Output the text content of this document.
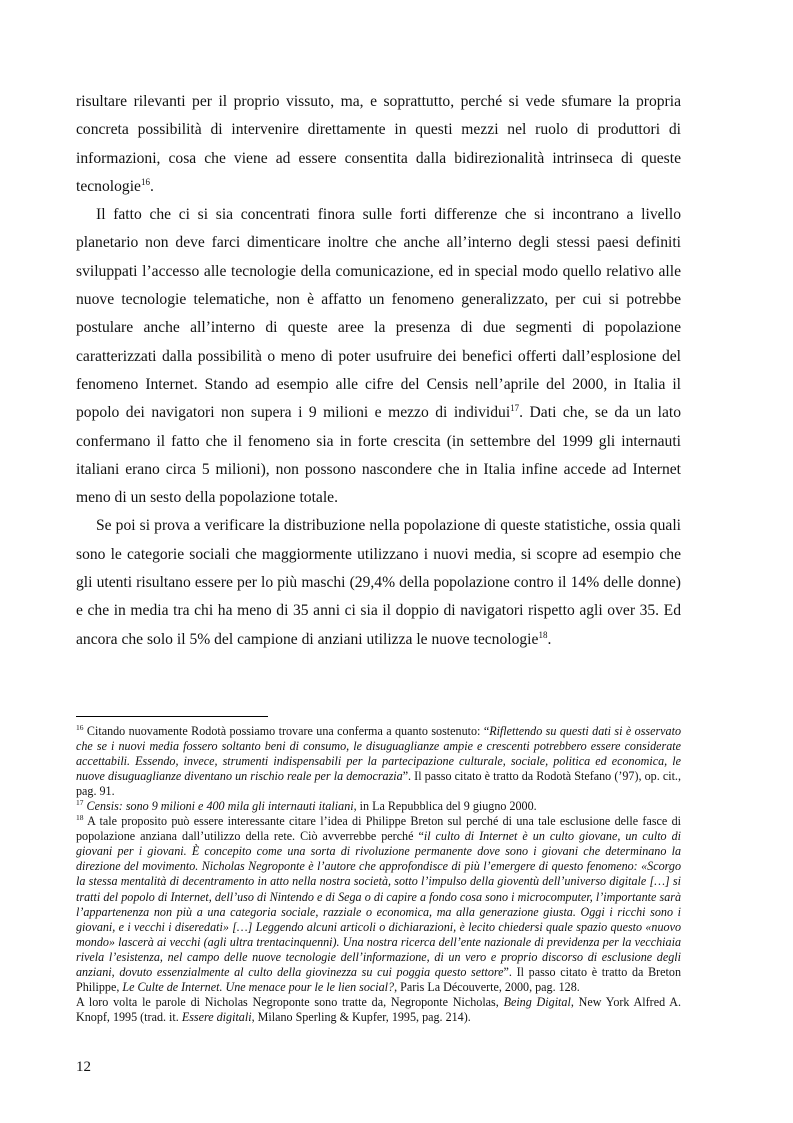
risultare rilevanti per il proprio vissuto, ma, e soprattutto, perché si vede sfumare la propria concreta possibilità di intervenire direttamente in questi mezzi nel ruolo di produttori di informazioni, cosa che viene ad essere consentita dalla bidirezionalità intrinseca di queste tecnologie$^{16}$.

Il fatto che ci si sia concentrati finora sulle forti differenze che si incontrano a livello planetario non deve farci dimenticare inoltre che anche all’interno degli stessi paesi definiti sviluppati l’accesso alle tecnologie della comunicazione, ed in special modo quello relativo alle nuove tecnologie telematiche, non è affatto un fenomeno generalizzato, per cui si potrebbe postulare anche all’interno di queste aree la presenza di due segmenti di popolazione caratterizzati dalla possibilità o meno di poter usufruire dei benefici offerti dall’esplosione del fenomeno Internet. Stando ad esempio alle cifre del Censis nell’aprile del 2000, in Italia il popolo dei navigatori non supera i 9 milioni e mezzo di individui$^{17}$. Dati che, se da un lato confermano il fatto che il fenomeno sia in forte crescita (in settembre del 1999 gli internauti italiani erano circa 5 milioni), non possono nascondere che in Italia infine accede ad Internet meno di un sesto della popolazione totale.

Se poi si prova a verificare la distribuzione nella popolazione di queste statistiche, ossia quali sono le categorie sociali che maggiormente utilizzano i nuovi media, si scopre ad esempio che gli utenti risultano essere per lo più maschi (29,4% della popolazione contro il 14% delle donne) e che in media tra chi ha meno di 35 anni ci sia il doppio di navigatori rispetto agli over 35. Ed ancora che solo il 5% del campione di anziani utilizza le nuove tecnologie$^{18}$.

$^{16}$ Citando nuovamente Rodotà possiamo trovare una conferma a quanto sostenuto: “Riflettendo su questi dati si è osservato che se i nuovi media fossero soltanto beni di consumo, le disuguaglianze ampie e crescenti potrebbero essere considerate accettabili. Essendo, invece, strumenti indispensabili per la partecipazione culturale, sociale, politica ed economica, le nuove disuguaglianze diventano un rischio reale per la democrazia”. Il passo citato è tratto da Rodotà Stefano (’97), op. cit., pag. 91.

$^{17}$ Censis: sono 9 milioni e 400 mila gli internauti italiani, in La Repubblica del 9 giugno 2000.

$^{18}$ A tale proposito può essere interessante citare l’idea di Philippe Breton sul perché di una tale esclusione delle fasce di popolazione anziana dall’utilizzo della rete. Ciò avverrebbe perché “il culto di Internet è un culto giovane, un culto di giovani per i giovani. È concepito come una sorta di rivoluzione permanente dove sono i giovani che determinano la direzione del movimento. Nicholas Negroponte è l’autore che approfondisce di più l’emergere di questo fenomeno: «Scorgo la stessa mentalità di decentramento in atto nella nostra società, sotto l’impulso della gioventù dell’universo digitale […] si tratti del popolo di Internet, dell’uso di Nintendo e di Sega o di capire a fondo cosa sono i microcomputer, l’importante sarà l’appartenenza non più a una categoria sociale, razziale o economica, ma alla generazione giusta. Oggi i ricchi sono i giovani, e i vecchi i diseredati» […] Leggendo alcuni articoli o dichiarazioni, è lecito chiedersi quale spazio questo «nuovo mondo» lascerà ai vecchi (agli ultra trentacinquenni). Una nostra ricerca dell’ente nazionale di previdenza per la vecchiaia rivela l’esistenza, nel campo delle nuove tecnologie dell’informazione, di un vero e proprio discorso di esclusione degli anziani, dovuto essenzialmente al culto della giovinezza su cui poggia questo settore”. Il passo citato è tratto da Breton Philippe, Le Culte de Internet. Une menace pour le le lien social?, Paris La Découverte, 2000, pag. 128.

A loro volta le parole di Nicholas Negroponte sono tratte da, Negroponte Nicholas, Being Digital, New York Alfred A. Knopf, 1995 (trad. it. Essere digitali, Milano Sperling & Kupfer, 1995, pag. 214).

12
